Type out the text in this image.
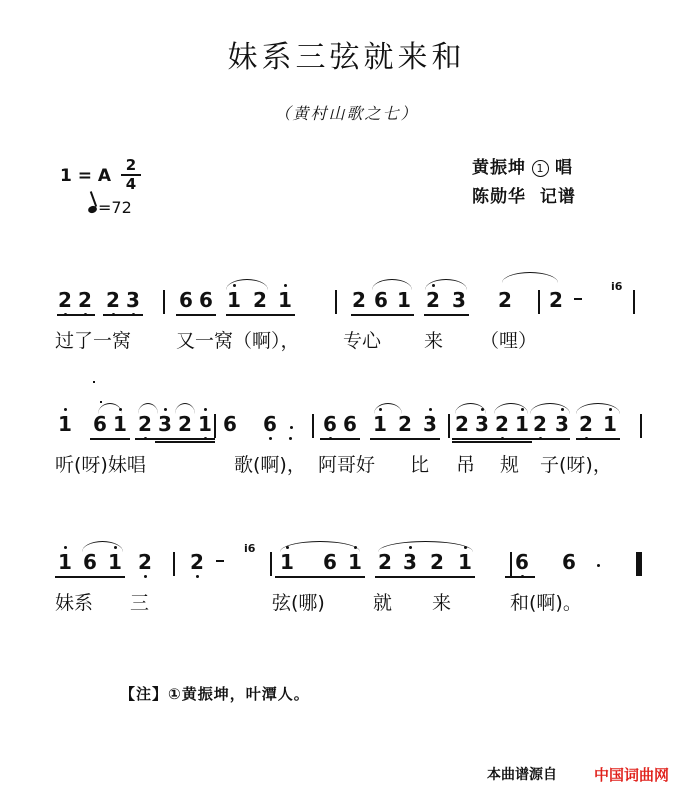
妹系三弦就来和
（黄村山歌之七）
1 = A
2
4
=72
黄振坤 1 唱
陈勋华 记谱
2 2 2 3 6 6 1 2 1	2 6 1 2 3 2 2
i6
过了一窝 又一窝（啊）， 专心 来 （哩）
1 6 1 2 3 2 1 6 6 6 6 1 2 3 2 3 2 1 2 3 2 1
听(呀)妹唱	歌(啊)， 阿哥好 比 吊 规 子(呀)，
1 6 1 2 2	1 6 1 2 3 2 1 6 6
i6
妹系 三	弦(哪)	就 来	和(啊)。
【注】①黄振坤，叶潭人。
本曲谱源自 中国词曲网
